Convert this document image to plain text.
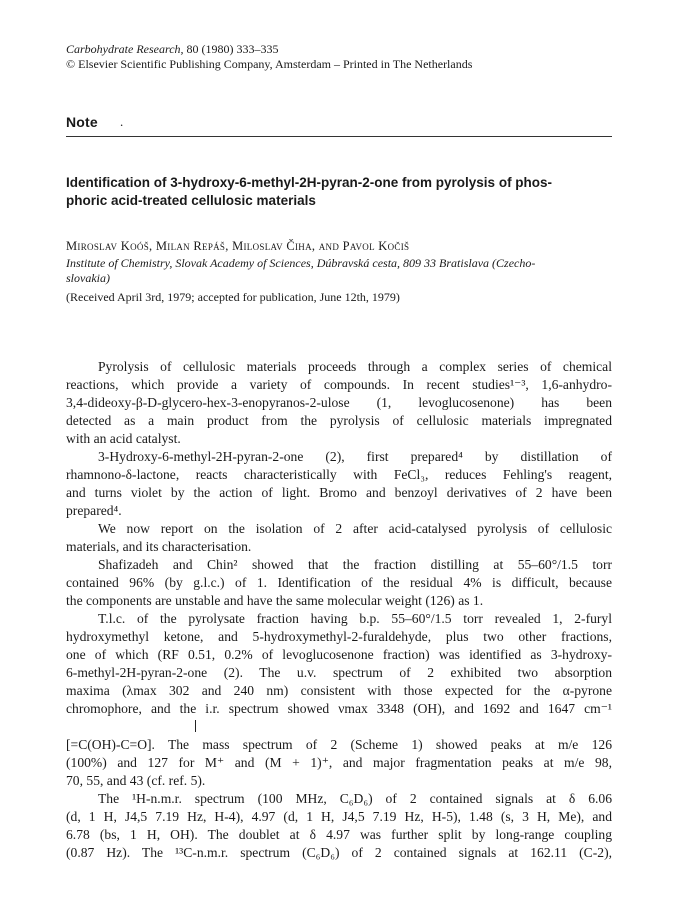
Carbohydrate Research, 80 (1980) 333–335
© Elsevier Scientific Publishing Company, Amsterdam – Printed in The Netherlands
Note .
Identification of 3-hydroxy-6-methyl-2H-pyran-2-one from pyrolysis of phos-
phoric acid-treated cellulosic materials
Miroslav Koóš, Milan Repáš, Miloslav Čiha, and Pavol Kočiš
Institute of Chemistry, Slovak Academy of Sciences, Dúbravská cesta, 809 33 Bratislava (Czecho-
slovakia)
(Received April 3rd, 1979; accepted for publication, June 12th, 1979)
Pyrolysis of cellulosic materials proceeds through a complex series of chemical
reactions, which provide a variety of compounds. In recent studies¹⁻³, 1,6-anhydro-
3,4-dideoxy-β-D-glycero-hex-3-enopyranos-2-ulose (1, levoglucosenone) has been
detected as a main product from the pyrolysis of cellulosic materials impregnated
with an acid catalyst.
3-Hydroxy-6-methyl-2H-pyran-2-one (2), first prepared⁴ by distillation of
rhamnono-δ-lactone, reacts characteristically with FeCl₃, reduces Fehling's reagent,
and turns violet by the action of light. Bromo and benzoyl derivatives of 2 have been
prepared⁴.
We now report on the isolation of 2 after acid-catalysed pyrolysis of cellulosic
materials, and its characterisation.
Shafizadeh and Chin² showed that the fraction distilling at 55–60°/1.5 torr
contained 96% (by g.l.c.) of 1. Identification of the residual 4% is difficult, because
the components are unstable and have the same molecular weight (126) as 1.
T.l.c. of the pyrolysate fraction having b.p. 55–60°/1.5 torr revealed 1, 2-furyl
hydroxymethyl ketone, and 5-hydroxymethyl-2-furaldehyde, plus two other fractions,
one of which (RF 0.51, 0.2% of levoglucosenone fraction) was identified as 3-hydroxy-
6-methyl-2H-pyran-2-one (2). The u.v. spectrum of 2 exhibited two absorption
maxima (λmax 302 and 240 nm) consistent with those expected for the α-pyrone
chromophore, and the i.r. spectrum showed νmax 3348 (OH), and 1692 and 1647 cm⁻¹
[=C(OH)-C=O]. The mass spectrum of 2 (Scheme 1) showed peaks at m/e 126
(100%) and 127 for M⁺ and (M + 1)⁺, and major fragmentation peaks at m/e 98,
70, 55, and 43 (cf. ref. 5).
The ¹H-n.m.r. spectrum (100 MHz, C₆D₆) of 2 contained signals at δ 6.06
(d, 1 H, J4,5 7.19 Hz, H-4), 4.97 (d, 1 H, J4,5 7.19 Hz, H-5), 1.48 (s, 3 H, Me), and
6.78 (bs, 1 H, OH). The doublet at δ 4.97 was further split by long-range coupling
(0.87 Hz). The ¹³C-n.m.r. spectrum (C₆D₆) of 2 contained signals at 162.11 (C-2),
